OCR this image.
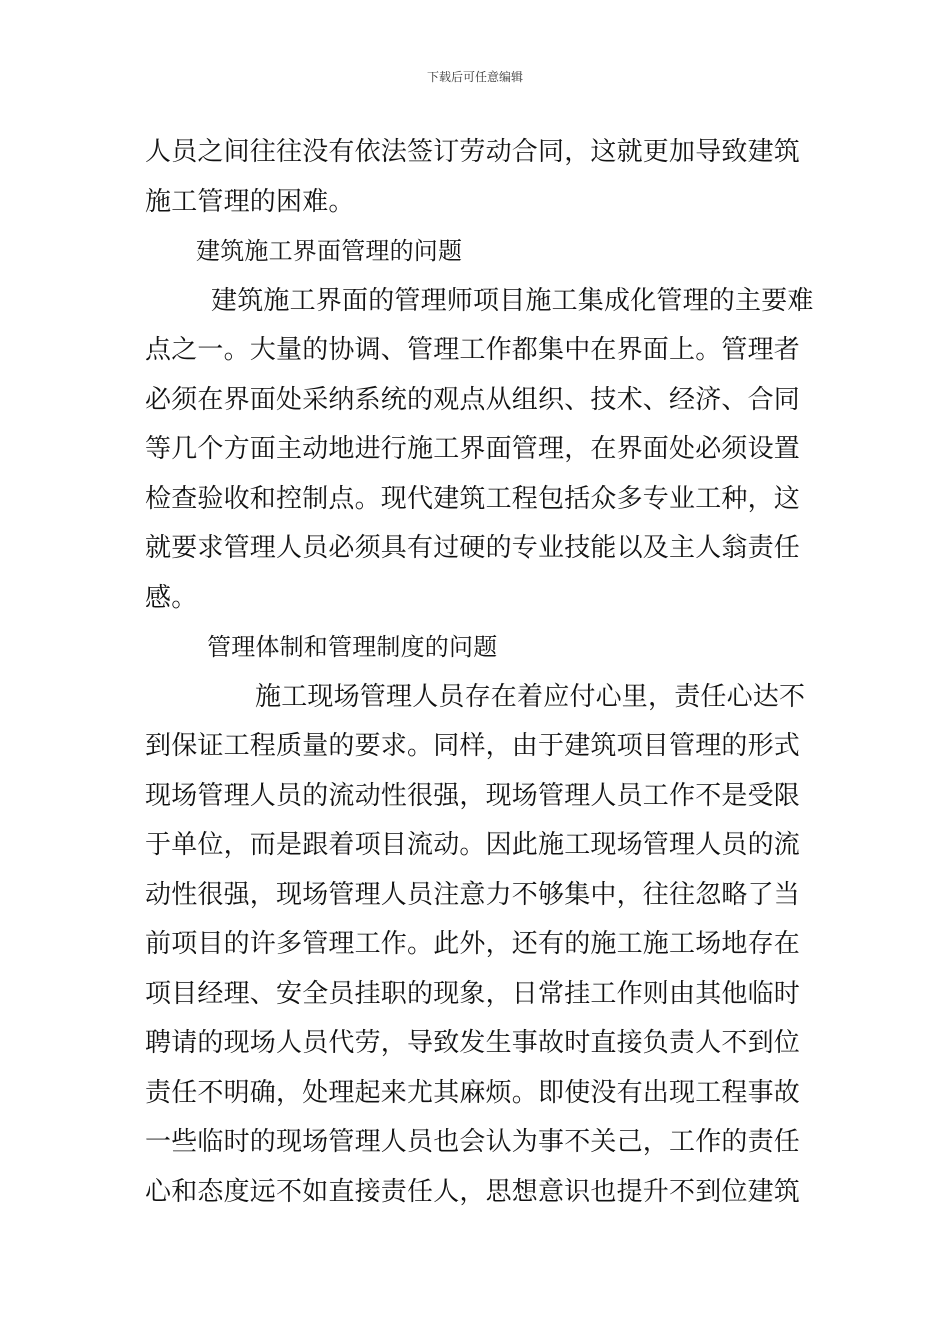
下载后可任意编辑
人员之间往往没有依法签订劳动合同，这就更加导致建筑
施工管理的困难。
建筑施工界面管理的问题
建筑施工界面的管理师项目施工集成化管理的主要难
点之一。大量的协调、管理工作都集中在界面上。管理者
必须在界面处采纳系统的观点从组织、技术、经济、合同
等几个方面主动地进行施工界面管理，在界面处必须设置
检查验收和控制点。现代建筑工程包括众多专业工种，这
就要求管理人员必须具有过硬的专业技能以及主人翁责任
感。
管理体制和管理制度的问题
施工现场管理人员存在着应付心里，责任心达不
到保证工程质量的要求。同样，由于建筑项目管理的形式
现场管理人员的流动性很强，现场管理人员工作不是受限
于单位，而是跟着项目流动。因此施工现场管理人员的流
动性很强，现场管理人员注意力不够集中，往往忽略了当
前项目的许多管理工作。此外，还有的施工施工场地存在
项目经理、安全员挂职的现象，日常挂工作则由其他临时
聘请的现场人员代劳，导致发生事故时直接负责人不到位
责任不明确，处理起来尤其麻烦。即使没有出现工程事故
一些临时的现场管理人员也会认为事不关己，工作的责任
心和态度远不如直接责任人，思想意识也提升不到位建筑
